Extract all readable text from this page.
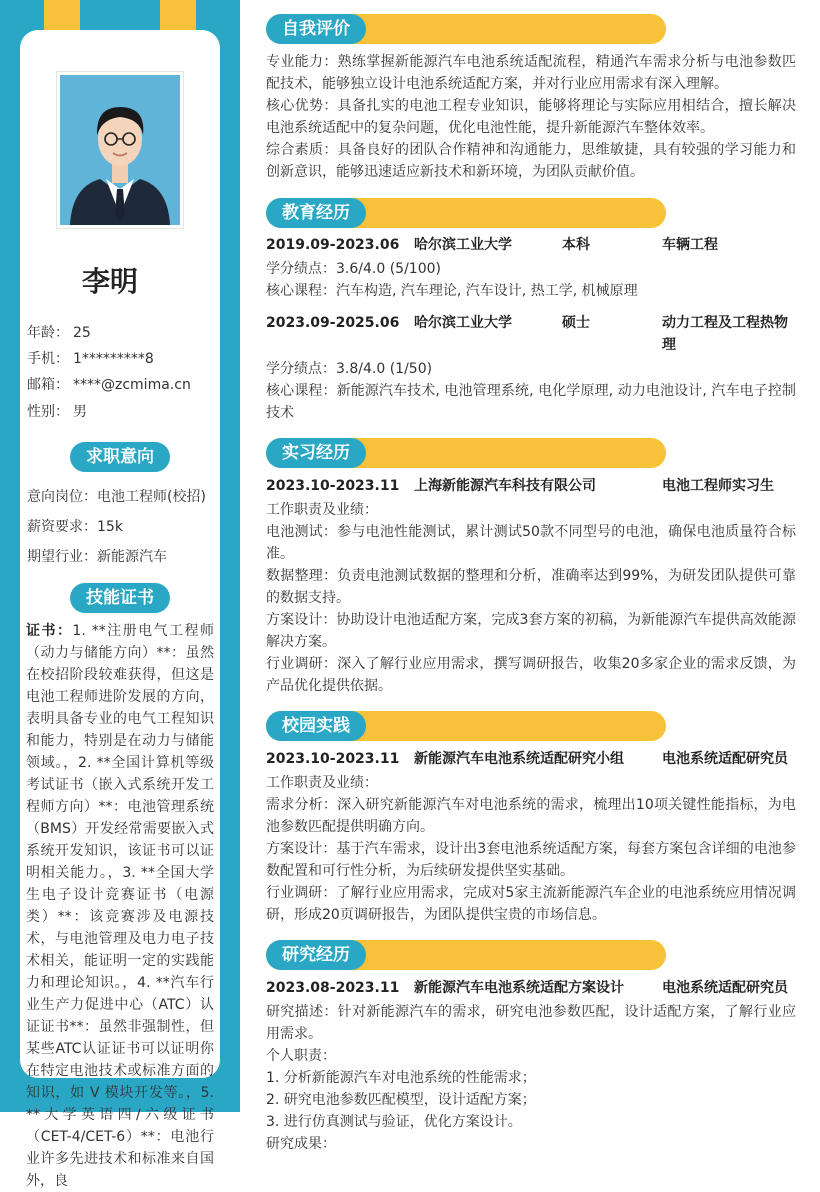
李明
年龄： 25
手机： 1*********8
邮箱： ****@zcmima.cn
性别： 男
求职意向
意向岗位：电池工程师(校招)
薪资要求：15k
期望行业：新能源汽车
技能证书
证书：1. **注册电气工程师（动力与储能方向）**：虽然在校招阶段较难获得，但这是电池工程师进阶发展的方向，表明具备专业的电气工程知识和能力，特别是在动力与储能领域。，2. **全国计算机等级考试证书（嵌入式系统开发工程师方向）**：电池管理系统（BMS）开发经常需要嵌入式系统开发知识，该证书可以证明相关能力。，3. **全国大学生电子设计竞赛证书（电源类）**：该竞赛涉及电源技术，与电池管理及电力电子技术相关，能证明一定的实践能力和理论知识。，4. **汽车行业生产力促进中心（ATC）认证证书**：虽然非强制性，但某些ATC认证证书可以证明你在特定电池技术或标准方面的知识，如 V 模块开发等。，5. **大学英语四/六级证书（CET-4/CET-6）**：电池行业许多先进技术和标准来自国外，良
自我评价

专业能力：熟练掌握新能源汽车电池系统适配流程，精通汽车需求分析与电池参数匹配技术，能够独立设计电池系统适配方案，并对行业应用需求有深入理解。

核心优势：具备扎实的电池工程专业知识，能够将理论与实际应用相结合，擅长解决电池系统适配中的复杂问题，优化电池性能，提升新能源汽车整体效率。

综合素质：具备良好的团队合作精神和沟通能力，思维敏捷，具有较强的学习能力和创新意识，能够迅速适应新技术和新环境，为团队贡献价值。

教育经历
2019.09-2023.06 哈尔滨工业大学	本科	车辆工程

学分绩点：3.6/4.0 (5/100)

核心课程：汽车构造, 汽车理论, 汽车设计, 热工学, 机械原理

2023.09-2025.06 哈尔滨工业大学	硕士	动力工程及工程热物理

学分绩点：3.8/4.0 (1/50)

核心课程：新能源汽车技术, 电池管理系统, 电化学原理, 动力电池设计, 汽车电子控制技术

实习经历
2023.10-2023.11 上海新能源汽车科技有限公司	电池工程师实习生

工作职责及业绩：

电池测试：参与电池性能测试，累计测试50款不同型号的电池，确保电池质量符合标准。

数据整理：负责电池测试数据的整理和分析，准确率达到99%，为研发团队提供可靠的数据支持。

方案设计：协助设计电池适配方案，完成3套方案的初稿，为新能源汽车提供高效能源解决方案。

行业调研：深入了解行业应用需求，撰写调研报告，收集20多家企业的需求反馈，为产品优化提供依据。

校园实践
2023.10-2023.11 新能源汽车电池系统适配研究小组	电池系统适配研究员

工作职责及业绩：

需求分析：深入研究新能源汽车对电池系统的需求，梳理出10项关键性能指标，为电池参数匹配提供明确方向。

方案设计：基于汽车需求，设计出3套电池系统适配方案，每套方案包含详细的电池参数配置和可行性分析，为后续研发提供坚实基础。

行业调研：了解行业应用需求，完成对5家主流新能源汽车企业的电池系统应用情况调研，形成20页调研报告，为团队提供宝贵的市场信息。

研究经历
2023.08-2023.11 新能源汽车电池系统适配方案设计	电池系统适配研究员

研究描述：针对新能源汽车的需求，研究电池参数匹配，设计适配方案，了解行业应用需求。

个人职责：

1. 分析新能源汽车对电池系统的性能需求；

2. 研究电池参数匹配模型，设计适配方案；

3. 进行仿真测试与验证，优化方案设计。

研究成果：
